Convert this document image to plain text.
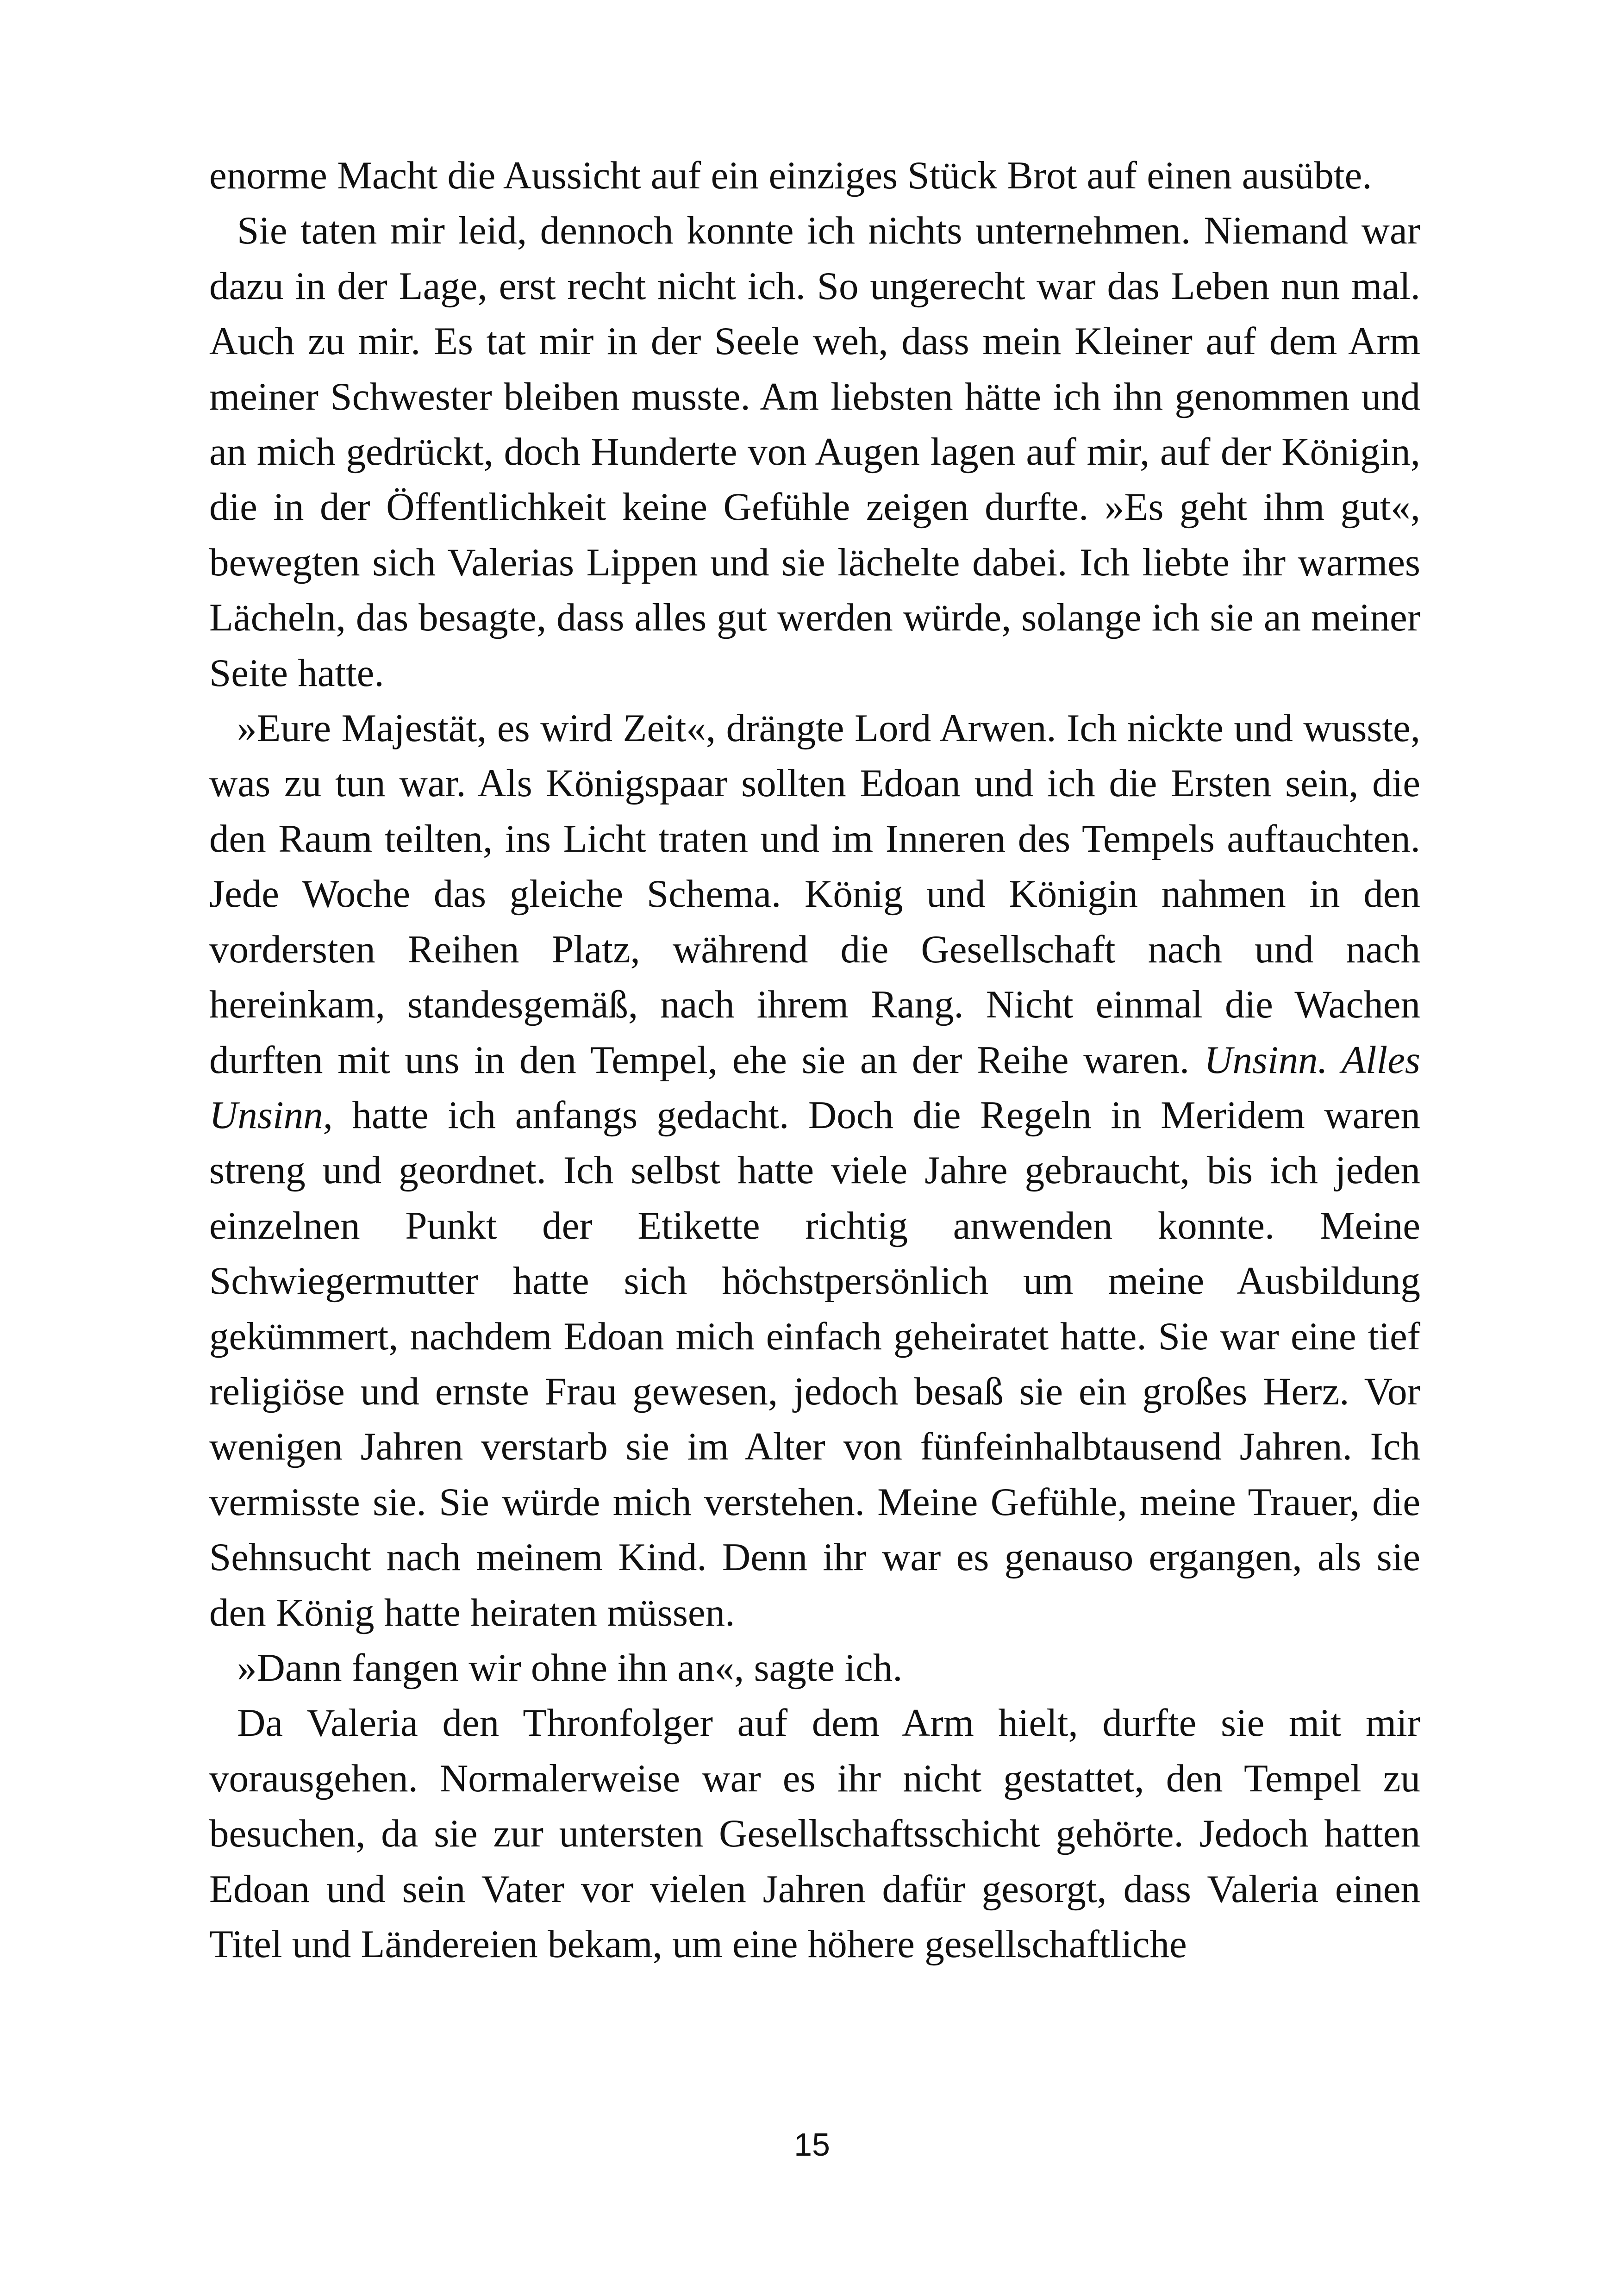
enorme Macht die Aussicht auf ein einziges Stück Brot auf einen ausübte.

Sie taten mir leid, dennoch konnte ich nichts unternehmen. Niemand war dazu in der Lage, erst recht nicht ich. So ungerecht war das Leben nun mal. Auch zu mir. Es tat mir in der Seele weh, dass mein Kleiner auf dem Arm meiner Schwester bleiben musste. Am liebsten hätte ich ihn genommen und an mich gedrückt, doch Hunderte von Augen lagen auf mir, auf der Königin, die in der Öffentlichkeit keine Gefühle zeigen durfte. »Es geht ihm gut«, bewegten sich Valerias Lippen und sie lächelte dabei. Ich liebte ihr warmes Lächeln, das besagte, dass alles gut werden würde, solange ich sie an meiner Seite hatte.

»Eure Majestät, es wird Zeit«, drängte Lord Arwen. Ich nickte und wusste, was zu tun war. Als Königspaar sollten Edoan und ich die Ersten sein, die den Raum teilten, ins Licht traten und im Inneren des Tempels auftauchten. Jede Woche das gleiche Schema. König und Königin nahmen in den vordersten Reihen Platz, während die Gesellschaft nach und nach hereinkam, standesgemäß, nach ihrem Rang. Nicht einmal die Wachen durften mit uns in den Tempel, ehe sie an der Reihe waren. Unsinn. Alles Unsinn, hatte ich anfangs gedacht. Doch die Regeln in Meridem waren streng und geordnet. Ich selbst hatte viele Jahre gebraucht, bis ich jeden einzelnen Punkt der Etikette richtig anwenden konnte. Meine Schwiegermutter hatte sich höchstpersönlich um meine Ausbildung gekümmert, nachdem Edoan mich einfach geheiratet hatte. Sie war eine tief religiöse und ernste Frau gewesen, jedoch besaß sie ein großes Herz. Vor wenigen Jahren verstarb sie im Alter von fünfeinhalbtausend Jahren. Ich vermisste sie. Sie würde mich verstehen. Meine Gefühle, meine Trauer, die Sehnsucht nach meinem Kind. Denn ihr war es genauso ergangen, als sie den König hatte heiraten müssen.

»Dann fangen wir ohne ihn an«, sagte ich.

Da Valeria den Thronfolger auf dem Arm hielt, durfte sie mit mir vorausgehen. Normalerweise war es ihr nicht gestattet, den Tempel zu besuchen, da sie zur untersten Gesellschaftsschicht gehörte. Jedoch hatten Edoan und sein Vater vor vielen Jahren dafür gesorgt, dass Valeria einen Titel und Ländereien bekam, um eine höhere gesellschaftliche

15
